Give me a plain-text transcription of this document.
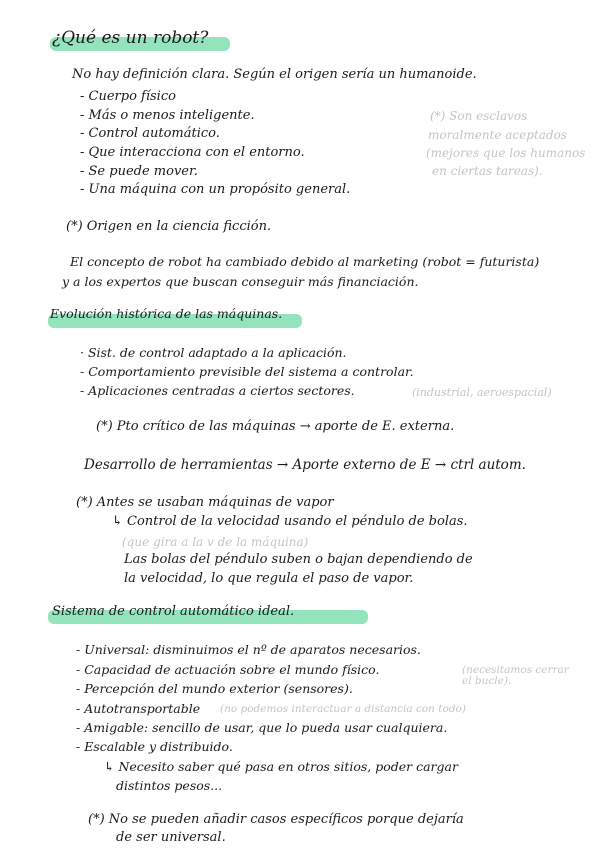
¿Qué es un robot?
No hay definición clara. Según el origen sería un humanoide.
- Cuerpo físico
- Más o menos inteligente.
- Control automático.
- Que interacciona con el entorno.
- Se puede mover.
- Una máquina con un propósito general.
(*) Son esclavos
moralmente aceptados
(mejores que los humanos
en ciertas tareas).
(*) Origen en la ciencia ficción.
El concepto de robot ha cambiado debido al marketing (robot = futurista)
y a los expertos que buscan conseguir más financiación.
Evolución histórica de las máquinas.
· Sist. de control adaptado a la aplicación.
- Comportamiento previsible del sistema a controlar.
- Aplicaciones centradas a ciertos sectores.	(industrial, aeroespacial)
(*) Pto crítico de las máquinas → aporte de E. externa.
Desarrollo de herramientas → Aporte externo de E → ctrl autom.
(*) Antes se usaban máquinas de vapor
↳ Control de la velocidad usando el péndulo de bolas.
(que gira a la v de la máquina)
Las bolas del péndulo suben o bajan dependiendo de
la velocidad, lo que regula el paso de vapor.
Sistema de control automático ideal.
- Universal: disminuimos el nº de aparatos necesarios.
- Capacidad de actuación sobre el mundo físico.	(necesitamos cerrar el bucle).
- Percepción del mundo exterior (sensores).
- Autotransportable (no podemos interactuar a distancia con todo)
- Amigable: sencillo de usar, que lo pueda usar cualquiera.
- Escalable y distribuido.
↳ Necesito saber qué pasa en otros sitios, poder cargar
distintos pesos...
(*) No se pueden añadir casos específicos porque dejaría
de ser universal.
